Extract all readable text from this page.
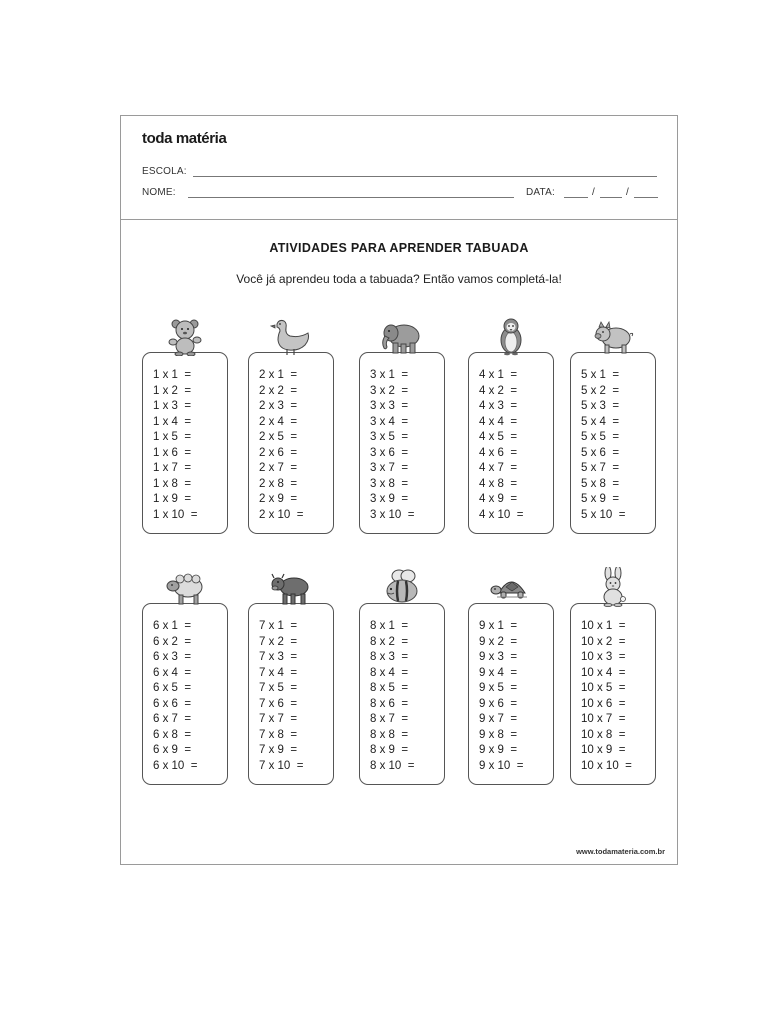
toda matéria
ESCOLA:
NOME:	DATA:	/	/
ATIVIDADES PARA APRENDER TABUADA
Você já aprendeu toda a tabuada? Então vamos completá-la!
1 x 1  =
1 x 2  =
1 x 3  =
1 x 4  =
1 x 5  =
1 x 6  =
1 x 7  =
1 x 8  =
1 x 9  =
1 x 10  =
2 x 1  =
2 x 2  =
2 x 3  =
2 x 4  =
2 x 5  =
2 x 6  =
2 x 7  =
2 x 8  =
2 x 9  =
2 x 10  =
3 x 1  =
3 x 2  =
3 x 3  =
3 x 4  =
3 x 5  =
3 x 6  =
3 x 7  =
3 x 8  =
3 x 9  =
3 x 10  =
4 x 1  =
4 x 2  =
4 x 3  =
4 x 4  =
4 x 5  =
4 x 6  =
4 x 7  =
4 x 8  =
4 x 9  =
4 x 10  =
5 x 1  =
5 x 2  =
5 x 3  =
5 x 4  =
5 x 5  =
5 x 6  =
5 x 7  =
5 x 8  =
5 x 9  =
5 x 10  =
6 x 1  =
6 x 2  =
6 x 3  =
6 x 4  =
6 x 5  =
6 x 6  =
6 x 7  =
6 x 8  =
6 x 9  =
6 x 10  =
7 x 1  =
7 x 2  =
7 x 3  =
7 x 4  =
7 x 5  =
7 x 6  =
7 x 7  =
7 x 8  =
7 x 9  =
7 x 10  =
8 x 1  =
8 x 2  =
8 x 3  =
8 x 4  =
8 x 5  =
8 x 6  =
8 x 7  =
8 x 8  =
8 x 9  =
8 x 10  =
9 x 1  =
9 x 2  =
9 x 3  =
9 x 4  =
9 x 5  =
9 x 6  =
9 x 7  =
9 x 8  =
9 x 9  =
9 x 10  =
10 x 1  =
10 x 2  =
10 x 3  =
10 x 4  =
10 x 5  =
10 x 6  =
10 x 7  =
10 x 8  =
10 x 9  =
10 x 10  =
www.todamateria.com.br
